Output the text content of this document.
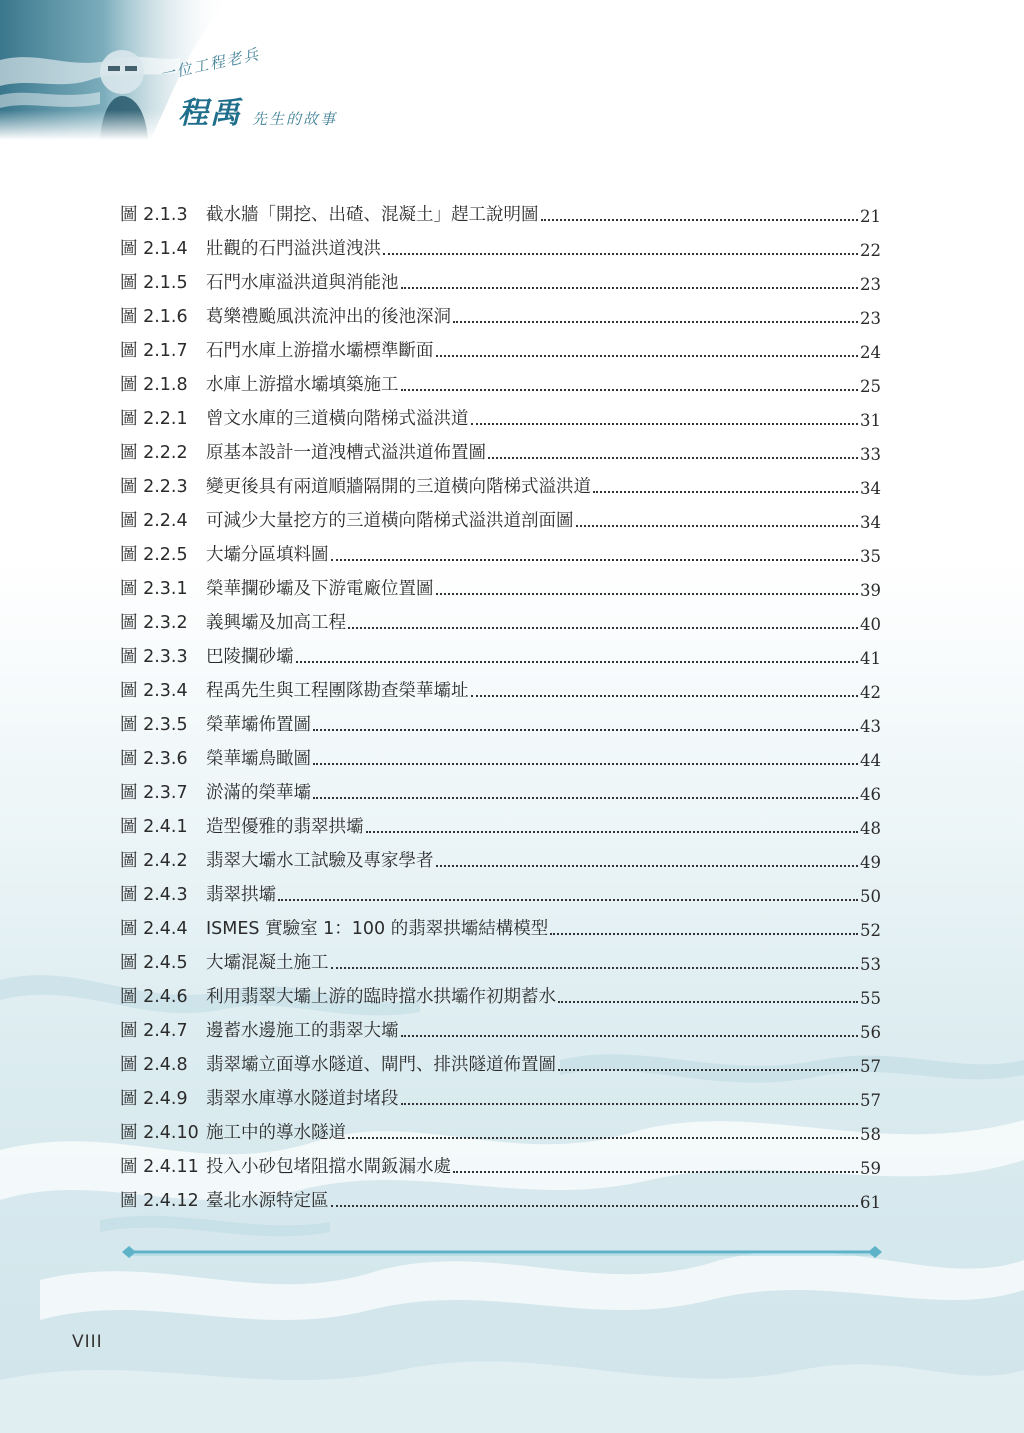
一位工程老兵
程禹 先生的故事
圖 2.1.3	截水牆「開挖、出碴、混凝土」趕工說明圖	21
圖 2.1.4	壯觀的石門溢洪道洩洪	22
圖 2.1.5	石門水庫溢洪道與消能池	23
圖 2.1.6	葛樂禮颱風洪流沖出的後池深洞	23
圖 2.1.7	石門水庫上游擋水壩標準斷面	24
圖 2.1.8	水庫上游擋水壩填築施工	25
圖 2.2.1	曾文水庫的三道橫向階梯式溢洪道	31
圖 2.2.2	原基本設計一道洩槽式溢洪道佈置圖	33
圖 2.2.3	變更後具有兩道順牆隔開的三道橫向階梯式溢洪道	34
圖 2.2.4	可減少大量挖方的三道橫向階梯式溢洪道剖面圖	34
圖 2.2.5	大壩分區填料圖	35
圖 2.3.1	榮華攔砂壩及下游電廠位置圖	39
圖 2.3.2	義興壩及加高工程	40
圖 2.3.3	巴陵攔砂壩	41
圖 2.3.4	程禹先生與工程團隊勘查榮華壩址	42
圖 2.3.5	榮華壩佈置圖	43
圖 2.3.6	榮華壩鳥瞰圖	44
圖 2.3.7	淤滿的榮華壩	46
圖 2.4.1	造型優雅的翡翠拱壩	48
圖 2.4.2	翡翠大壩水工試驗及專家學者	49
圖 2.4.3	翡翠拱壩	50
圖 2.4.4	ISMES 實驗室 1：100 的翡翠拱壩結構模型	52
圖 2.4.5	大壩混凝土施工	53
圖 2.4.6	利用翡翠大壩上游的臨時擋水拱壩作初期蓄水	55
圖 2.4.7	邊蓄水邊施工的翡翠大壩	56
圖 2.4.8	翡翠壩立面導水隧道、閘門、排洪隧道佈置圖	57
圖 2.4.9	翡翠水庫導水隧道封堵段	57
圖 2.4.10 施工中的導水隧道	58
圖 2.4.11 投入小砂包堵阻擋水閘鈑漏水處	59
圖 2.4.12 臺北水源特定區	61
VIII
